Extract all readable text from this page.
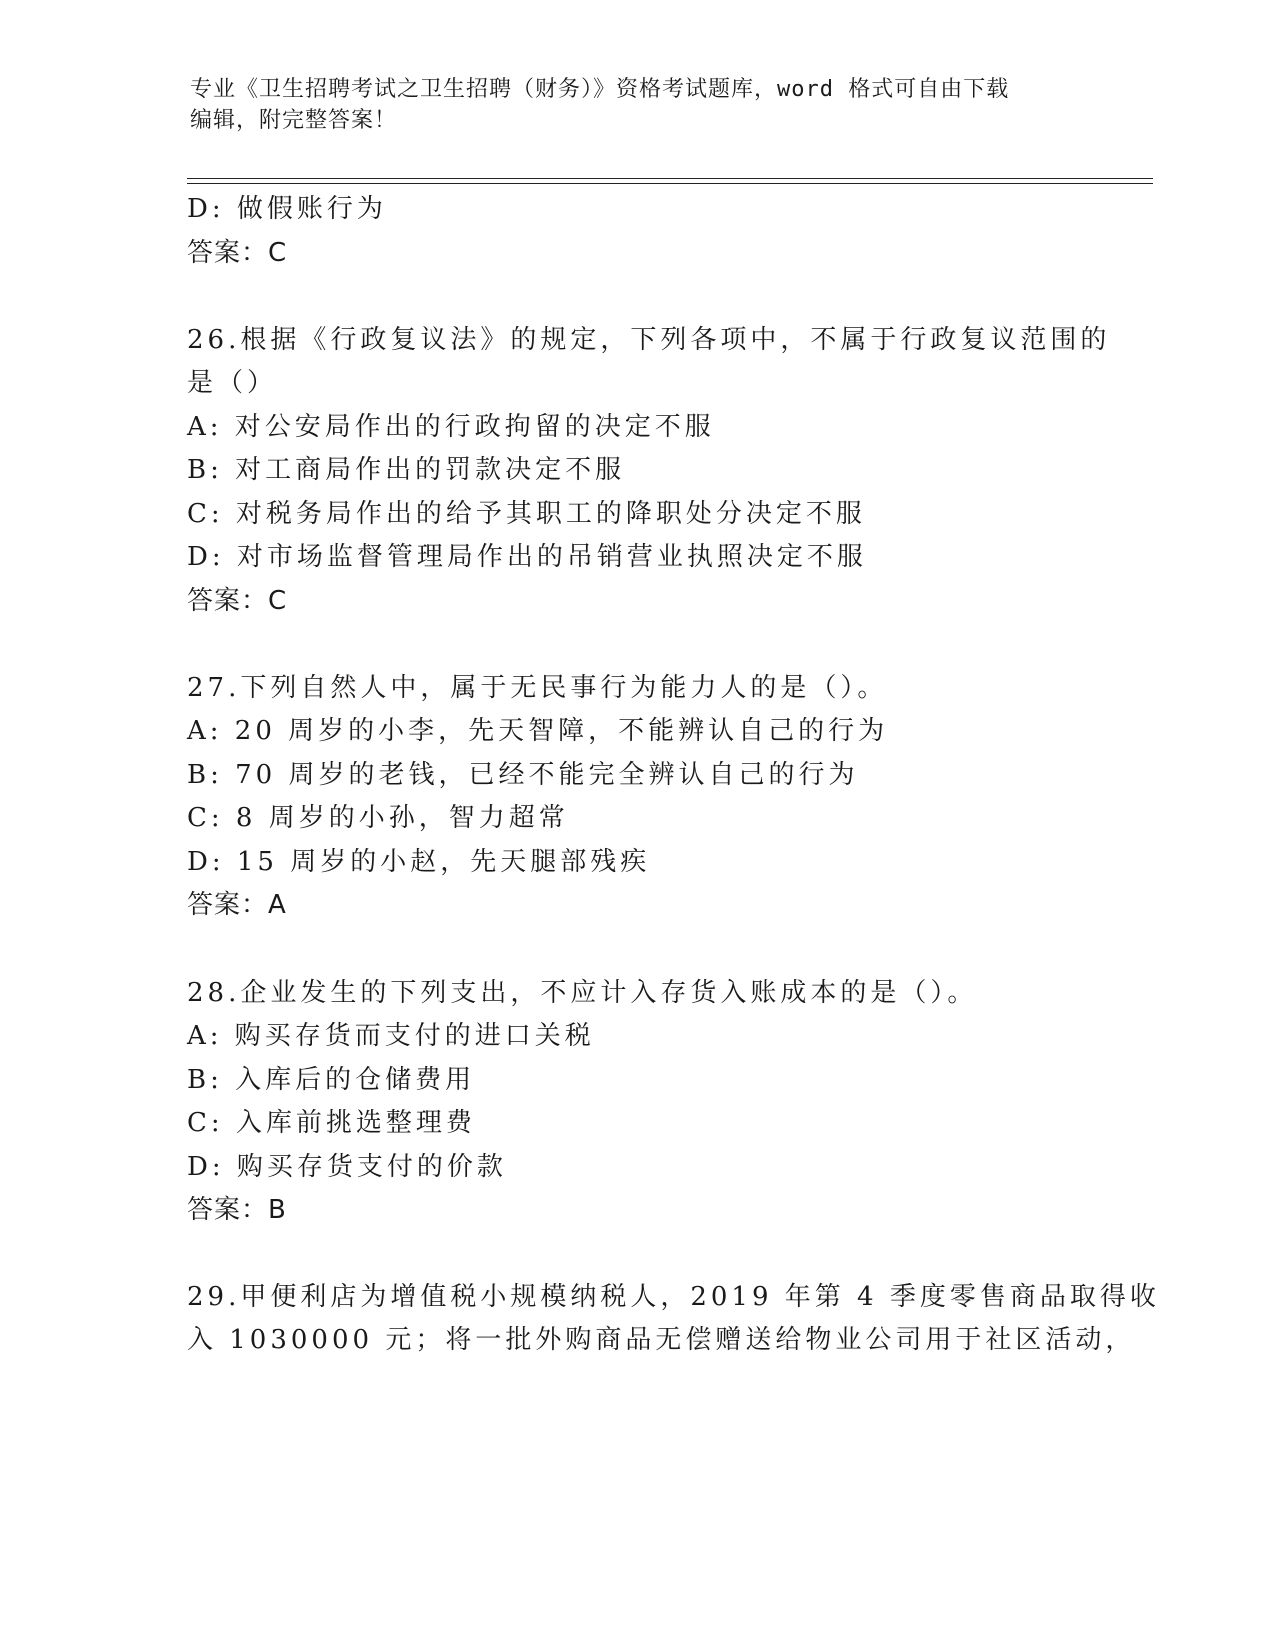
专业《卫生招聘考试之卫生招聘（财务）》资格考试题库，word 格式可自由下载
编辑，附完整答案！
D: 做假账行为
答案：C
26.根据《行政复议法》的规定，下列各项中，不属于行政复议范围的
是（）
A: 对公安局作出的行政拘留的决定不服
B: 对工商局作出的罚款决定不服
C: 对税务局作出的给予其职工的降职处分决定不服
D: 对市场监督管理局作出的吊销营业执照决定不服
答案：C
27.下列自然人中，属于无民事行为能力人的是（）。
A: 20 周岁的小李，先天智障，不能辨认自己的行为
B: 70 周岁的老钱，已经不能完全辨认自己的行为
C: 8 周岁的小孙，智力超常
D: 15 周岁的小赵，先天腿部残疾
答案：A
28.企业发生的下列支出，不应计入存货入账成本的是（）。
A: 购买存货而支付的进口关税
B: 入库后的仓储费用
C: 入库前挑选整理费
D: 购买存货支付的价款
答案：B
29.甲便利店为增值税小规模纳税人，2019 年第 4 季度零售商品取得收
入 1030000 元；将一批外购商品无偿赠送给物业公司用于社区活动，
